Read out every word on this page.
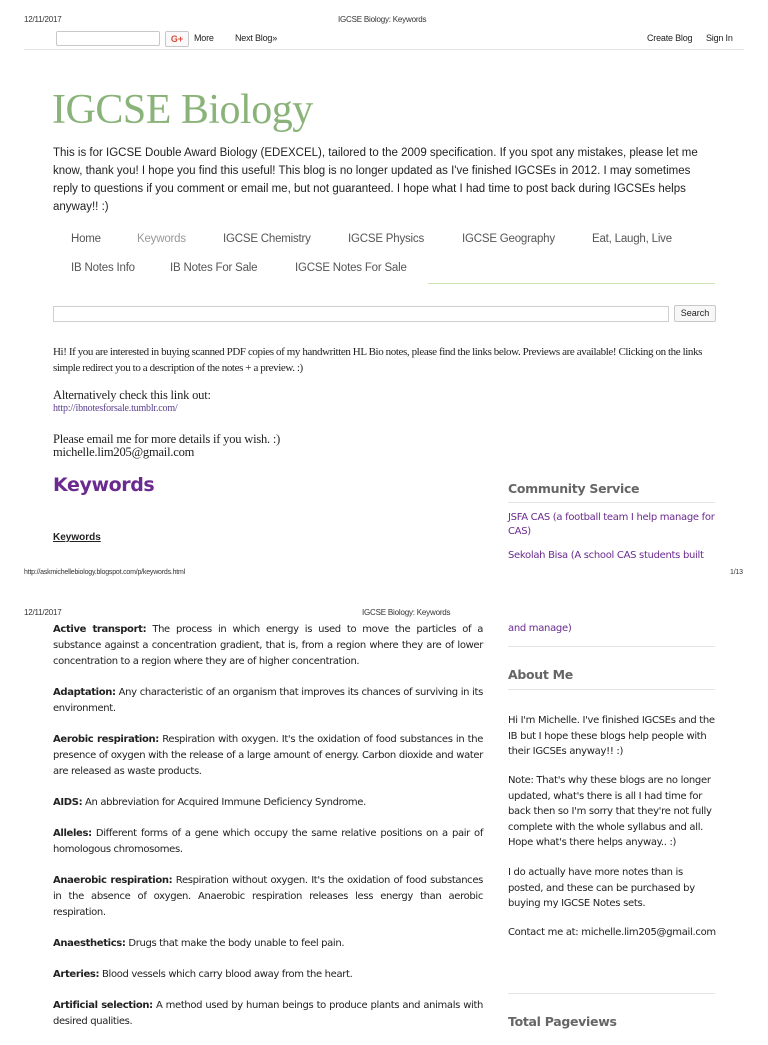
12/11/2017	IGCSE Biology: Keywords
G+	More Next Blog»	Create Blog Sign In
IGCSE Biology
This is for IGCSE Double Award Biology (EDEXCEL), tailored to the 2009 specification. If you spot any mistakes, please let me know, thank you! I hope you find this useful! This blog is no longer updated as I've finished IGCSEs in 2012. I may sometimes reply to questions if you comment or email me, but not guaranteed. I hope what I had time to post back during IGCSEs helps anyway!! :)
Home	Keywords	IGCSE Chemistry	IGCSE Physics	IGCSE Geography	Eat, Laugh, Live
IB Notes Info	IB Notes For Sale	IGCSE Notes For Sale
Search
Hi! If you are interested in buying scanned PDF copies of my handwritten HL Bio notes, please find the links below. Previews are available! Clicking on the links simple redirect you to a description of the notes + a preview. :)
Alternatively check this link out:
http://ibnotesforsale.tumblr.com/
Please email me for more details if you wish. :)
michelle.lim205@gmail.com
Keywords
Keywords
Community Service
JSFA CAS (a football team I help manage for CAS)
Sekolah Bisa (A school CAS students built
http://askmichellebiology.blogspot.com/p/keywords.html	1/13
12/11/2017	IGCSE Biology: Keywords
and manage)
About Me
Hi I'm Michelle. I've finished IGCSEs and the IB but I hope these blogs help people with their IGCSEs anyway!! :)
Note: That's why these blogs are no longer updated, what's there is all I had time for back then so I'm sorry that they're not fully complete with the whole syllabus and all. Hope what's there helps anyway.. :)
I do actually have more notes than is posted, and these can be purchased by buying my IGCSE Notes sets.
Contact me at: michelle.lim205@gmail.com
Total Pageviews
Active transport: The process in which energy is used to move the particles of a substance against a concentration gradient, that is, from a region where they are of lower concentration to a region where they are of higher concentration.
Adaptation: Any characteristic of an organism that improves its chances of surviving in its environment.
Aerobic respiration: Respiration with oxygen. It's the oxidation of food substances in the presence of oxygen with the release of a large amount of energy. Carbon dioxide and water are released as waste products.
AIDS: An abbreviation for Acquired Immune Deficiency Syndrome.
Alleles: Different forms of a gene which occupy the same relative positions on a pair of homologous chromosomes.
Anaerobic respiration: Respiration without oxygen. It's the oxidation of food substances in the absence of oxygen. Anaerobic respiration releases less energy than aerobic respiration.
Anaesthetics: Drugs that make the body unable to feel pain.
Arteries: Blood vessels which carry blood away from the heart.
Artificial selection: A method used by human beings to produce plants and animals with desired qualities.
